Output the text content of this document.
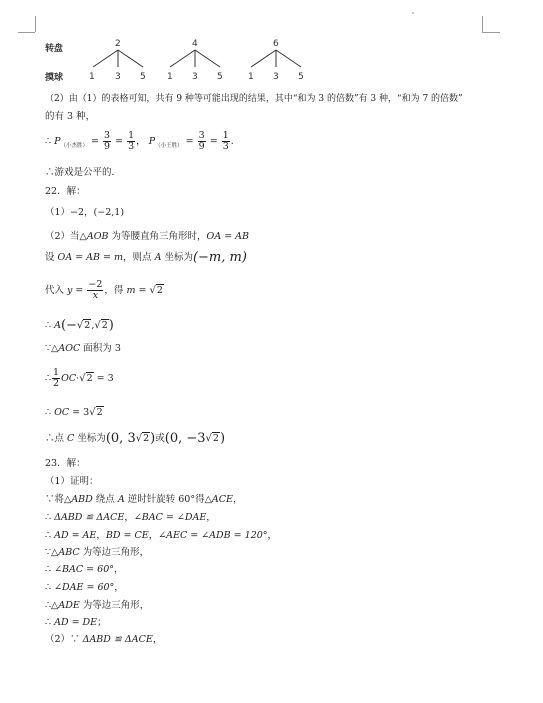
转盘
摸球
2	4	6
1 3 5 1 3 5	1 3 5
（2）由（1）的表格可知，共有 9 种等可能出现的结果，其中“和为 3 的倍数”有 3 种，“和为 7 的倍数”
的有 3 种，
∴ $P_{(小杰胜)} = \frac{3}{9} = \frac{1}{3}$ ， $P_{(小王胜)} = \frac{3}{9} = \frac{1}{3}$ ．
∴游戏是公平的．
22．解：
（1）−2，(−2,1)
（2）当△AOB 为等腰直角三角形时，OA = AB
设 OA = AB = m，则点 A 坐标为(−m, m)
代入 $y = \frac{-2}{x}$ ，得 m = √2
∴ A(−√2,√2)
∵△AOC 面积为 3
∴ $\frac{1}{2} OC\cdot√2 = 3$
∴ OC = 3√2
∴点 C 坐标为(0, 3√2)或(0, −3√2)
23．解：
（1）证明：
∵将△ABD 绕点 A 逆时针旋转 60°得△ACE，
∴ ΔABD ≌ ΔACE，∠BAC = ∠DAE，
∴ AD = AE，BD = CE，∠AEC = ∠ADB = 120°，
∵△ABC 为等边三角形，
∴ ∠BAC = 60°，
∴ ∠DAE = 60°，
∴△ADE 为等边三角形，
∴ AD = DE；
（2）∵ ΔABD ≌ ΔACE，
